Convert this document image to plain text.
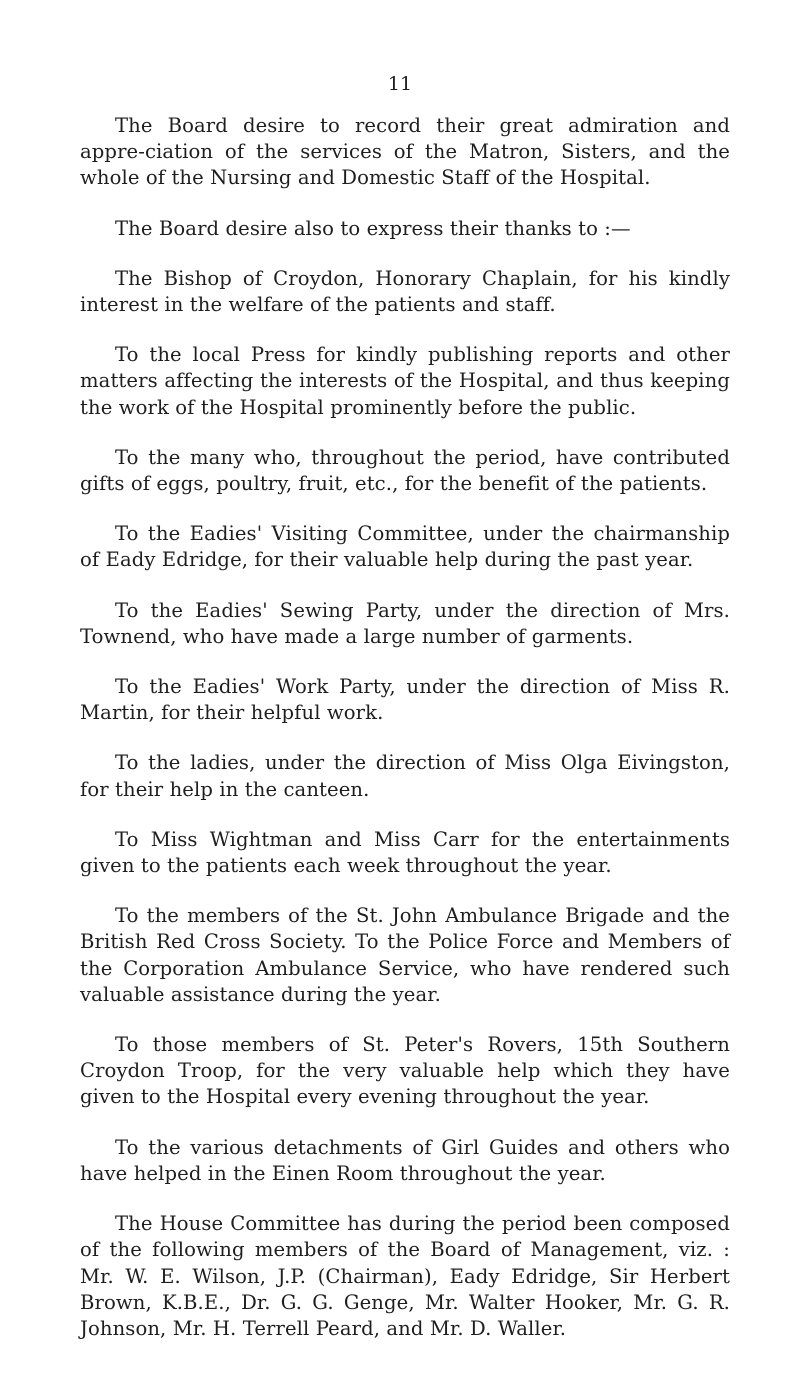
11

The Board desire to record their great admiration and appre-ciation of the services of the Matron, Sisters, and the whole of the Nursing and Domestic Staff of the Hospital.

The Board desire also to express their thanks to :—

The Bishop of Croydon, Honorary Chaplain, for his kindly interest in the welfare of the patients and staff.

To the local Press for kindly publishing reports and other matters affecting the interests of the Hospital, and thus keeping the work of the Hospital prominently before the public.

To the many who, throughout the period, have contributed gifts of eggs, poultry, fruit, etc., for the benefit of the patients.

To the Eadies' Visiting Committee, under the chairmanship of Eady Edridge, for their valuable help during the past year.

To the Eadies' Sewing Party, under the direction of Mrs. Townend, who have made a large number of garments.

To the Eadies' Work Party, under the direction of Miss R. Martin, for their helpful work.

To the ladies, under the direction of Miss Olga Eivingston, for their help in the canteen.

To Miss Wightman and Miss Carr for the entertainments given to the patients each week throughout the year.

To the members of the St. John Ambulance Brigade and the British Red Cross Society. To the Police Force and Members of the Corporation Ambulance Service, who have rendered such valuable assistance during the year.

To those members of St. Peter's Rovers, 15th Southern Croydon Troop, for the very valuable help which they have given to the Hospital every evening throughout the year.

To the various detachments of Girl Guides and others who have helped in the Einen Room throughout the year.

The House Committee has during the period been composed of the following members of the Board of Management, viz. : Mr. W. E. Wilson, J.P. (Chairman), Eady Edridge, Sir Herbert Brown, K.B.E., Dr. G. G. Genge, Mr. Walter Hooker, Mr. G. R. Johnson, Mr. H. Terrell Peard, and Mr. D. Waller.
